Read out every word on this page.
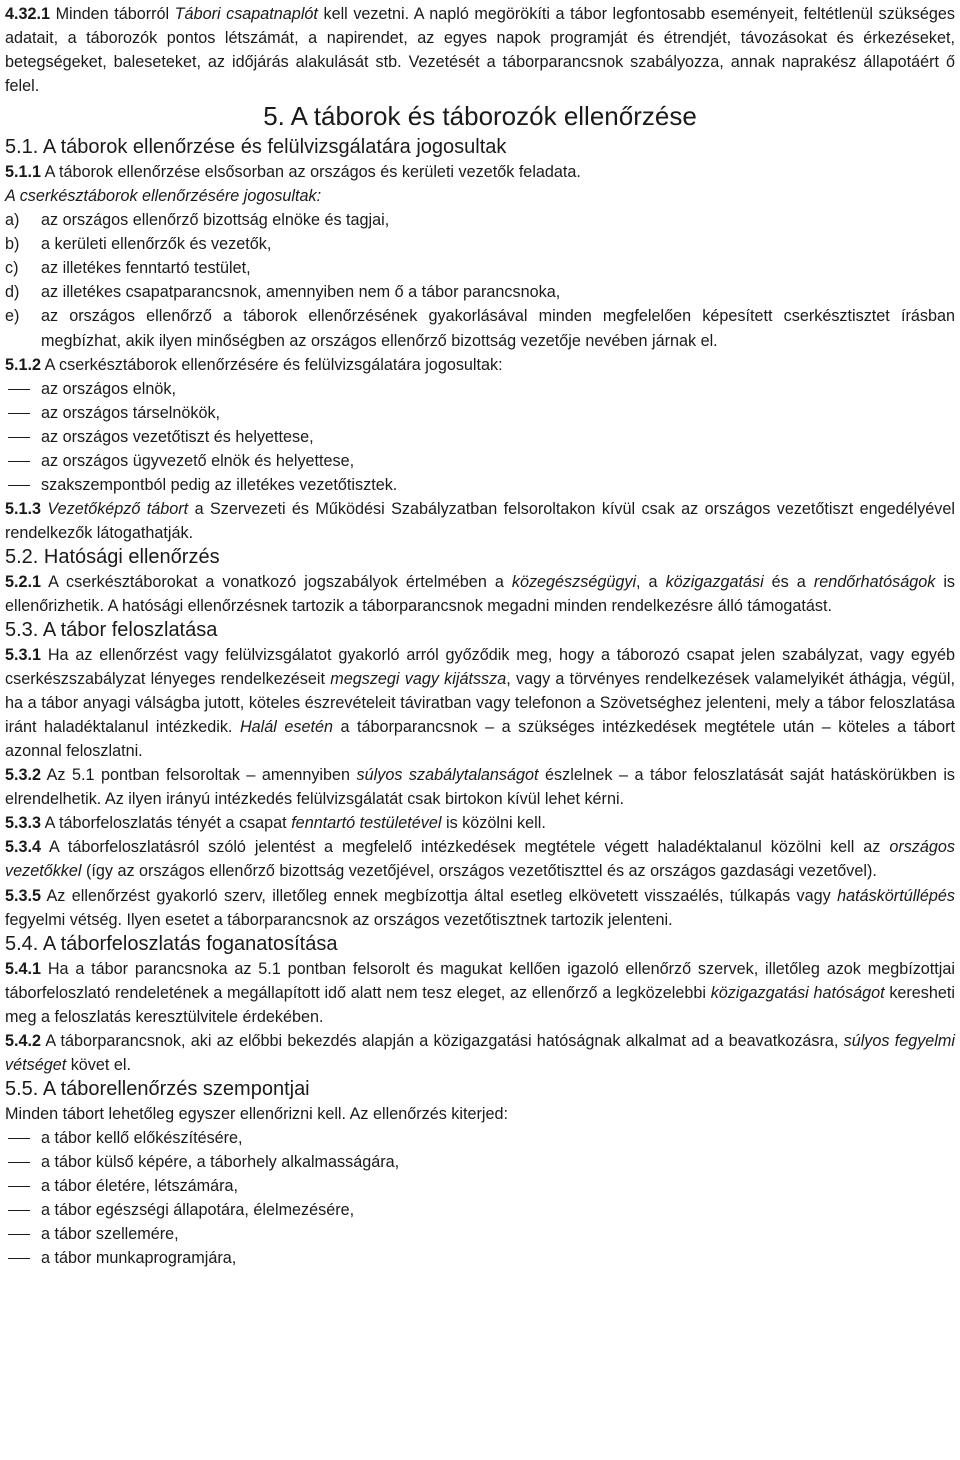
4.32.1 Minden táborról Tábori csapatnaplót kell vezetni. A napló megörökíti a tábor legfontosabb eseményeit, feltétlenül szükséges adatait, a táborozók pontos létszámát, a napirendet, az egyes napok programját és étrendjét, távozásokat és érkezéseket, betegségeket, baleseteket, az időjárás alakulását stb. Vezetését a táborparancsnok szabályozza, annak naprakész állapotáért ő felel.

5. A táborok és táborozók ellenőrzése
5.1. A táborok ellenőrzése és felülvizsgálatára jogosultak

5.1.1 A táborok ellenőrzése elsősorban az országos és kerületi vezetők feladata.

A cserkésztáborok ellenőrzésére jogosultak:

a)	az országos ellenőrző bizottság elnöke és tagjai,
b)	a kerületi ellenőrzők és vezetők,
c)	az illetékes fenntartó testület,
d)	az illetékes csapatparancsnok, amennyiben nem ő a tábor parancsnoka,
e)	az országos ellenőrző a táborok ellenőrzésének gyakorlásával minden megfelelően képesített cserkésztisztet írásban megbízhat, akik ilyen minőségben az országos ellenőrző bizottság vezetője nevében járnak el.

5.1.2 A cserkésztáborok ellenőrzésére és felülvizsgálatára jogosultak:

az országos elnök,
az országos társelnökök,
az országos vezetőtiszt és helyettese,
az országos ügyvezető elnök és helyettese,
szakszempontból pedig az illetékes vezetőtisztek.

5.1.3 Vezetőképző tábort a Szervezeti és Működési Szabályzatban felsoroltakon kívül csak az országos vezetőtiszt engedélyével rendelkezők látogathatják.

5.2. Hatósági ellenőrzés

5.2.1 A cserkésztáborokat a vonatkozó jogszabályok értelmében a közegészségügyi, a közigazgatási és a rendőrhatóságok is ellenőrizhetik. A hatósági ellenőrzésnek tartozik a táborparancsnok megadni minden rendelkezésre álló támogatást.

5.3. A tábor feloszlatása

5.3.1 Ha az ellenőrzést vagy felülvizsgálatot gyakorló arról győződik meg, hogy a táborozó csapat jelen szabályzat, vagy egyéb cserkészszabályzat lényeges rendelkezéseit megszegi vagy kijátssza, vagy a törvényes rendelkezések valamelyikét áthágja, végül, ha a tábor anyagi válságba jutott, köteles észrevételeit táviratban vagy telefonon a Szövetséghez jelenteni, mely a tábor feloszlatása iránt haladéktalanul intézkedik. Halál esetén a táborparancsnok – a szükséges intézkedések megtétele után – köteles a tábort azonnal feloszlatni.

5.3.2 Az 5.1 pontban felsoroltak – amennyiben súlyos szabálytalanságot észlelnek – a tábor feloszlatását saját hatáskörükben is elrendelhetik. Az ilyen irányú intézkedés felülvizsgálatát csak birtokon kívül lehet kérni.

5.3.3 A táborfeloszlatás tényét a csapat fenntartó testületével is közölni kell.

5.3.4 A táborfeloszlatásról szóló jelentést a megfelelő intézkedések megtétele végett haladéktalanul közölni kell az országos vezetőkkel (így az országos ellenőrző bizottság vezetőjével, országos vezetőtiszttel és az országos gazdasági vezetővel).

5.3.5 Az ellenőrzést gyakorló szerv, illetőleg ennek megbízottja által esetleg elkövetett visszaélés, túlkapás vagy hatáskörtúllépés fegyelmi vétség. Ilyen esetet a táborparancsnok az országos vezetőtisztnek tartozik jelenteni.

5.4. A táborfeloszlatás foganatosítása

5.4.1 Ha a tábor parancsnoka az 5.1 pontban felsorolt és magukat kellően igazoló ellenőrző szervek, illetőleg azok megbízottjai táborfeloszlató rendeletének a megállapított idő alatt nem tesz eleget, az ellenőrző a legközelebbi közigazgatási hatóságot keresheti meg a feloszlatás keresztülvitele érdekében.

5.4.2 A táborparancsnok, aki az előbbi bekezdés alapján a közigazgatási hatóságnak alkalmat ad a beavatkozásra, súlyos fegyelmi vétséget követ el.

5.5. A táborellenőrzés szempontjai

Minden tábort lehetőleg egyszer ellenőrizni kell. Az ellenőrzés kiterjed:

a tábor kellő előkészítésére,
a tábor külső képére, a táborhely alkalmasságára,
a tábor életére, létszámára,
a tábor egészségi állapotára, élelmezésére,
a tábor szellemére,
a tábor munkaprogramjára,
